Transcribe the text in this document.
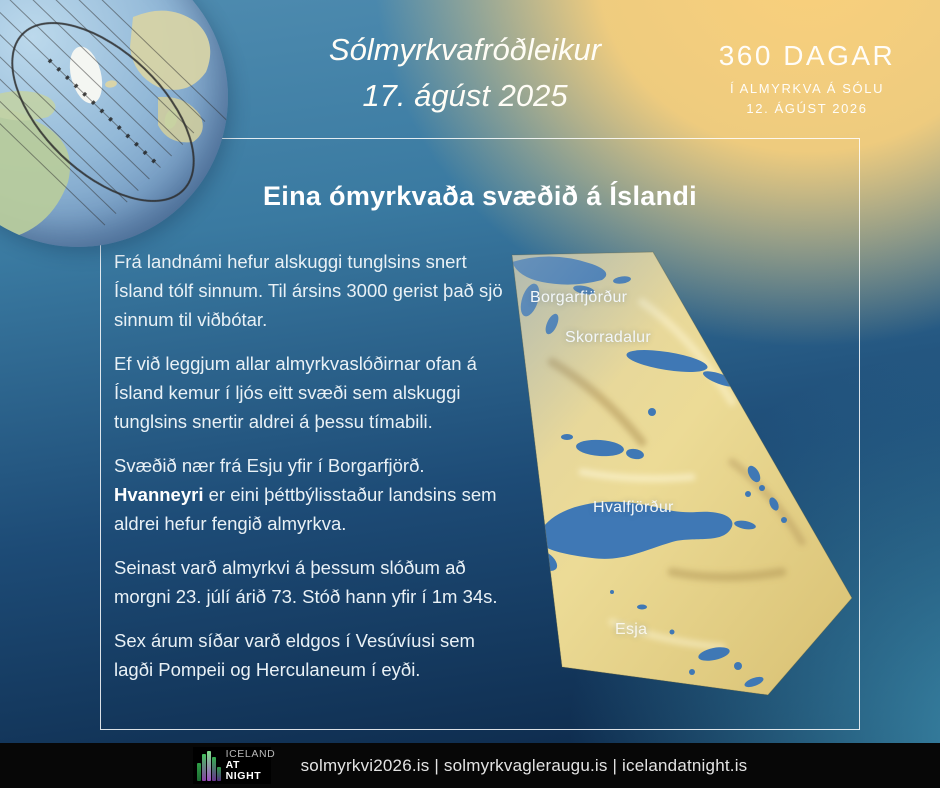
Eina ómyrkvaða svæðið á Íslandi

Frá landnámi hefur alskuggi tunglsins snert Ísland tólf sinnum. Til ársins 3000 gerist það sjö sinnum til viðbótar.

Ef við leggjum allar almyrkvaslóðirnar ofan á Ísland kemur í ljós eitt svæði sem alskuggi tunglsins snertir aldrei á þessu tímabili.

Svæðið nær frá Esju yfir í Borgarfjörð. Hvanneyri er eini þéttbýlisstaður landsins sem aldrei hefur fengið almyrkva.

Seinast varð almyrkvi á þessum slóðum að morgni 23. júlí árið 73. Stóð hann yfir í 1m 34s.

Sex árum síðar varð eldgos í Vesúvíusi sem lagði Pompeii og Herculaneum í eyði.

Borgarfjörður
Skorradalur
Hvalfjörður
Esja
Sólmyrkvafróðleikur
17. ágúst 2025
360 DAGAR
Í ALMYRKVA Á SÓLU
12. ÁGÚST 2026
ICELAND
AT NIGHT
solmyrkvi2026.is | solmyrkvagleraugu.is | icelandatnight.is
